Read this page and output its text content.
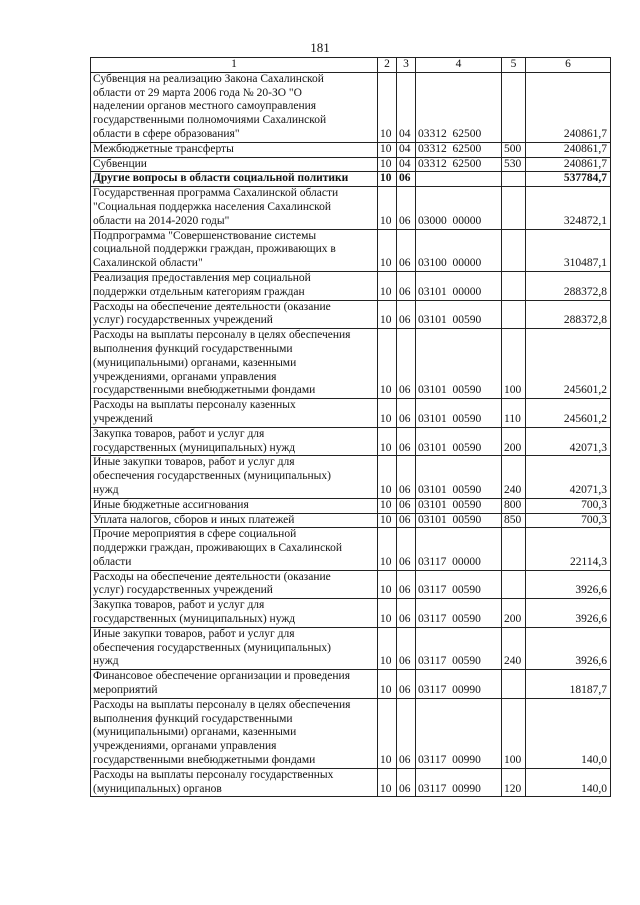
181
1	2	3	4	5	6
Субвенция на реализацию Закона Сахалинской
области от 29 марта 2006 года № 20-ЗО "О
наделении органов местного самоуправления
государственными полномочиями Сахалинской
области в сфере образования"	10	04	03312  62500		240861,7
Межбюджетные трансферты	10	04	03312  62500	500	240861,7
Субвенции	10	04	03312  62500	530	240861,7
Другие вопросы в области социальной политики	10	06			537784,7
Государственная программа Сахалинской области
"Социальная поддержка населения Сахалинской
области на 2014-2020 годы"	10	06	03000  00000		324872,1
Подпрограмма "Совершенствование системы
социальной поддержки граждан, проживающих в
Сахалинской области"	10	06	03100  00000		310487,1
Реализация предоставления мер социальной
поддержки отдельным категориям граждан	10	06	03101  00000		288372,8
Расходы на обеспечение деятельности (оказание
услуг) государственных учреждений	10	06	03101  00590		288372,8
Расходы на выплаты персоналу в целях обеспечения
выполнения функций государственными
(муниципальными) органами, казенными
учреждениями, органами управления
государственными внебюджетными фондами	10	06	03101  00590	100	245601,2
Расходы на выплаты персоналу казенных
учреждений	10	06	03101  00590	110	245601,2
Закупка товаров, работ и услуг для
государственных (муниципальных) нужд	10	06	03101  00590	200	42071,3
Иные закупки товаров, работ и услуг для
обеспечения государственных (муниципальных)
нужд	10	06	03101  00590	240	42071,3
Иные бюджетные ассигнования	10	06	03101  00590	800	700,3
Уплата налогов, сборов и иных платежей	10	06	03101  00590	850	700,3
Прочие мероприятия в сфере социальной
поддержки граждан, проживающих в Сахалинской
области	10	06	03117  00000		22114,3
Расходы на обеспечение деятельности (оказание
услуг) государственных учреждений	10	06	03117  00590		3926,6
Закупка товаров, работ и услуг для
государственных (муниципальных) нужд	10	06	03117  00590	200	3926,6
Иные закупки товаров, работ и услуг для
обеспечения государственных (муниципальных)
нужд	10	06	03117  00590	240	3926,6
Финансовое обеспечение организации и проведения
мероприятий	10	06	03117  00990		18187,7
Расходы на выплаты персоналу в целях обеспечения
выполнения функций государственными
(муниципальными) органами, казенными
учреждениями, органами управления
государственными внебюджетными фондами	10	06	03117  00990	100	140,0
Расходы на выплаты персоналу государственных
(муниципальных) органов	10	06	03117  00990	120	140,0
